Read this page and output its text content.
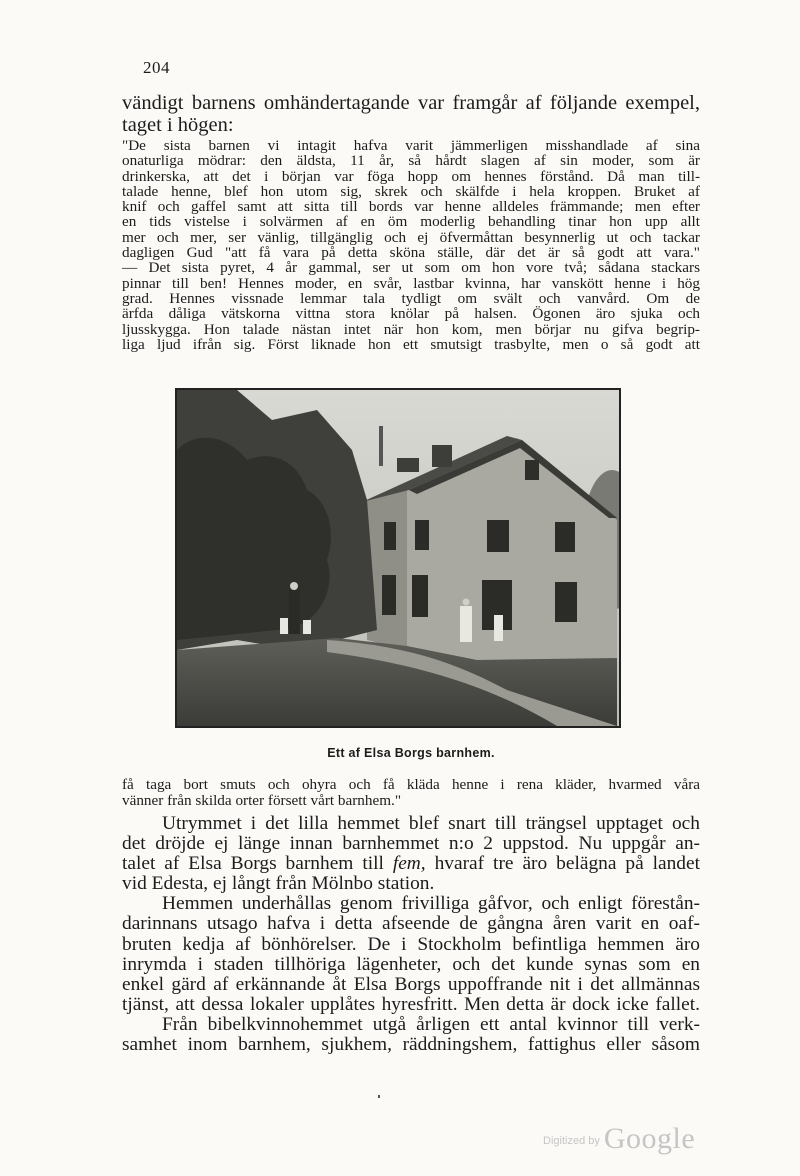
204
vändigt barnens omhändertagande var framgår af följande exempel,
taget i högen:
"De sista barnen vi intagit hafva varit jämmerligen misshandlade af sina
onaturliga mödrar: den äldsta, 11 år, så hårdt slagen af sin moder, som är
drinkerska, att det i början var föga hopp om hennes förstånd. Då man till-
talade henne, blef hon utom sig, skrek och skälfde i hela kroppen. Bruket af
knif och gaffel samt att sitta till bords var henne alldeles främmande; men efter
en tids vistelse i solvärmen af en öm moderlig behandling tinar hon upp allt
mer och mer, ser vänlig, tillgänglig och ej öfvermåttan besynnerlig ut och tackar
dagligen Gud "att få vara på detta sköna ställe, där det är så godt att vara."
— Det sista pyret, 4 år gammal, ser ut som om hon vore två; sådana stackars
pinnar till ben! Hennes moder, en svår, lastbar kvinna, har vanskött henne i hög
grad. Hennes vissnade lemmar tala tydligt om svält och vanvård. Om de
ärfda dåliga vätskorna vittna stora knölar på halsen. Ögonen äro sjuka och
ljusskygga. Hon talade nästan intet när hon kom, men börjar nu gifva begrip-
liga ljud ifrån sig. Först liknade hon ett smutsigt trasbylte, men o så godt att
Ett af Elsa Borgs barnhem.
få taga bort smuts och ohyra och få kläda henne i rena kläder, hvarmed våra
vänner från skilda orter försett vårt barnhem."
Utrymmet i det lilla hemmet blef snart till trängsel upptaget och
det dröjde ej länge innan barnhemmet n:o 2 uppstod. Nu uppgår an-
talet af Elsa Borgs barnhem till fem, hvaraf tre äro belägna på landet
vid Edesta, ej långt från Mölnbo station.
Hemmen underhållas genom frivilliga gåfvor, och enligt förestån-
darinnans utsago hafva i detta afseende de gångna åren varit en oaf-
bruten kedja af bönhörelser. De i Stockholm befintliga hemmen äro
inrymda i staden tillhöriga lägenheter, och det kunde synas som en
enkel gärd af erkännande åt Elsa Borgs uppoffrande nit i det allmännas
tjänst, att dessa lokaler upplåtes hyresfritt. Men detta är dock icke fallet.
Från bibelkvinnohemmet utgå årligen ett antal kvinnor till verk-
samhet inom barnhem, sjukhem, räddningshem, fattighus eller såsom
$^{Digitized by}$ Google
